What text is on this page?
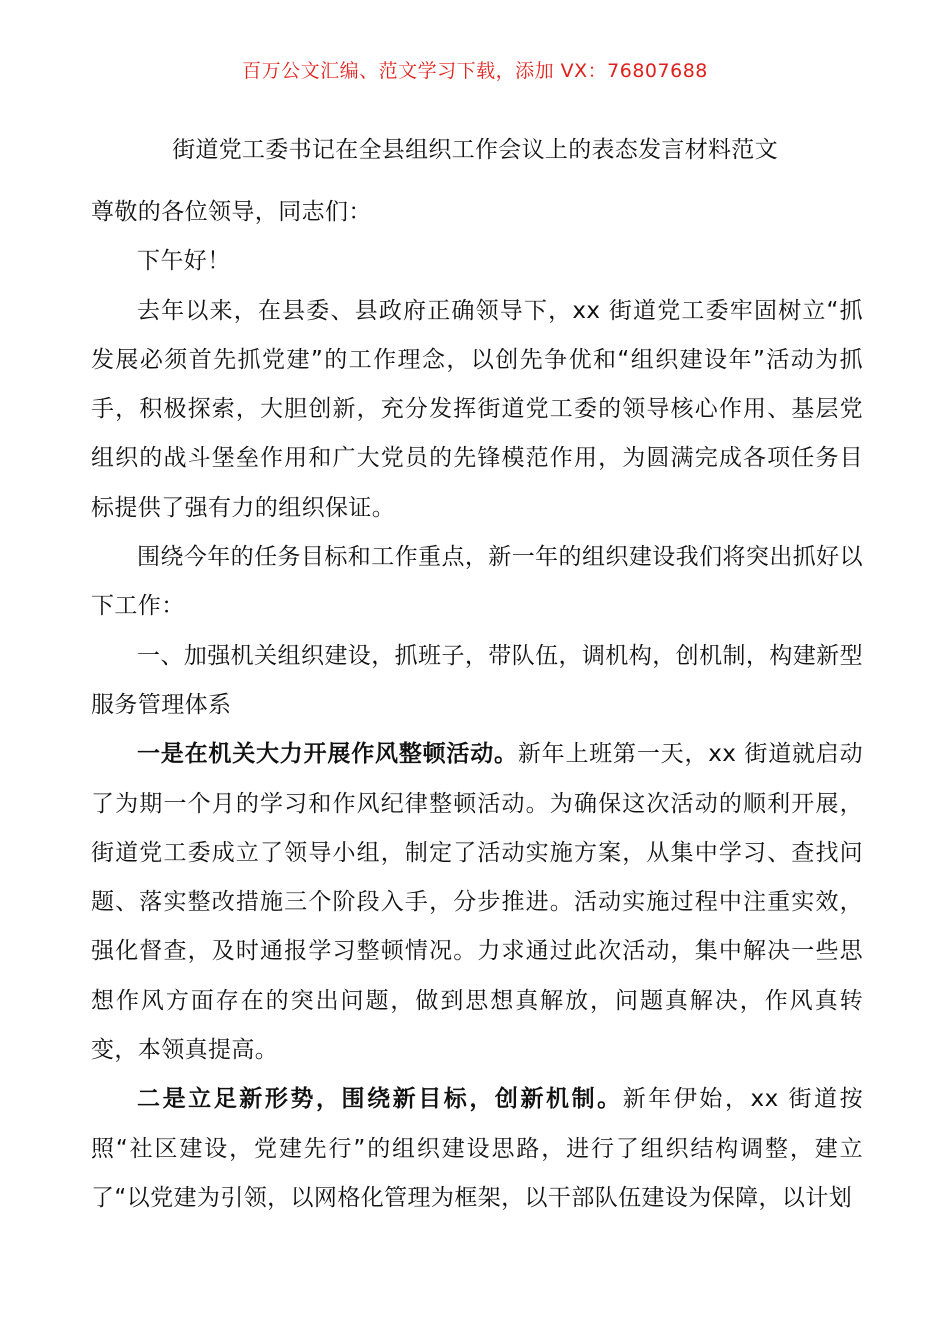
百万公文汇编、范文学习下载，添加 VX：76807688
街道党工委书记在全县组织工作会议上的表态发言材料范文

尊敬的各位领导，同志们：

下午好！

去年以来，在县委、县政府正确领导下，xx 街道党工委牢固树立“抓发展必须首先抓党建”的工作理念，以创先争优和“组织建设年”活动为抓手，积极探索，大胆创新，充分发挥街道党工委的领导核心作用、基层党组织的战斗堡垒作用和广大党员的先锋模范作用，为圆满完成各项任务目标提供了强有力的组织保证。

围绕今年的任务目标和工作重点，新一年的组织建设我们将突出抓好以下工作：

一、加强机关组织建设，抓班子，带队伍，调机构，创机制，构建新型服务管理体系

一是在机关大力开展作风整顿活动。新年上班第一天，xx 街道就启动了为期一个月的学习和作风纪律整顿活动。为确保这次活动的顺利开展，街道党工委成立了领导小组，制定了活动实施方案，从集中学习、查找问题、落实整改措施三个阶段入手，分步推进。活动实施过程中注重实效，强化督查，及时通报学习整顿情况。力求通过此次活动，集中解决一些思想作风方面存在的突出问题，做到思想真解放，问题真解决，作风真转变，本领真提高。

二是立足新形势，围绕新目标，创新机制。新年伊始，xx 街道按照“社区建设，党建先行”的组织建设思路，进行了组织结构调整，建立了“以党建为引领，以网格化管理为框架，以干部队伍建设为保障，以计划
